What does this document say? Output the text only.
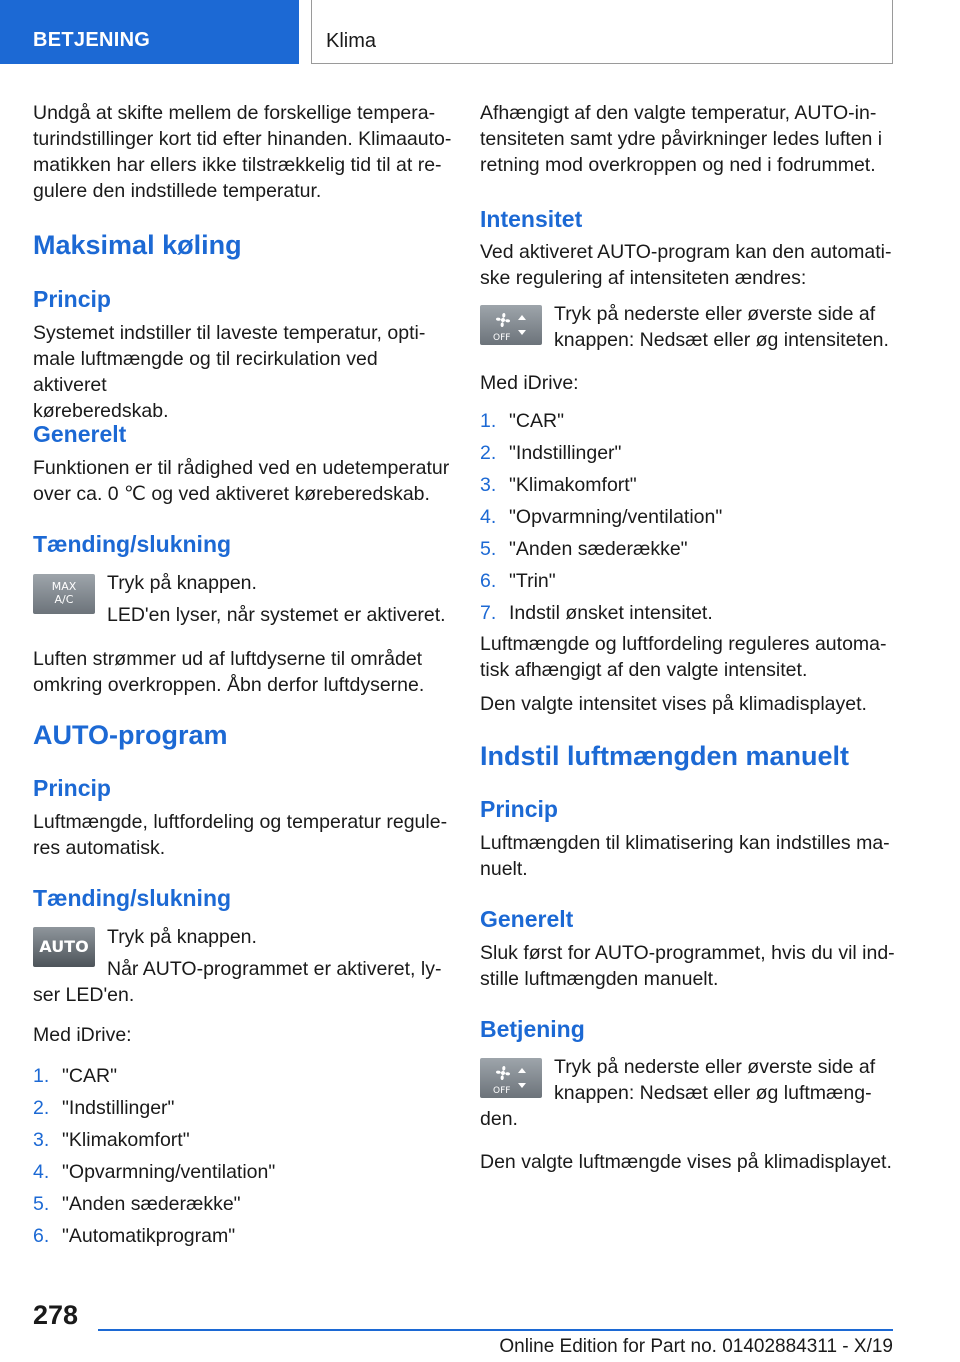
BETJENING	Klima

Undgå at skifte mellem de forskellige tempera-

turindstillinger kort tid efter hinanden. Klimaauto-

matikken har ellers ikke tilstrækkelig tid til at re-

gulere den indstillede temperatur.

Maksimal køling
Princip

Systemet indstiller til laveste temperatur, opti-

male luftmængde og til recirkulation ved aktiveret

kørеberedskab.

Generelt

Funktionen er til rådighed ved en udetemperatur

over ca. 0 ℃ og ved aktiveret køreberedskab.

Tænding/slukning
MAX
A/C

Tryk på knappen.

LED'en lyser, når systemet er aktiveret.

Luften strømmer ud af luftdyserne til området

omkring overkroppen. Åbn derfor luftdyserne.

AUTO-program
Princip

Luftmængde, luftfordeling og temperatur regule-

res automatisk.

Tænding/slukning
AUTO Tryk på knappen.

Når AUTO-programmet er aktiveret, ly-

ser LED'en.

Med iDrive:

1. "CAR"
2. "Indstillinger"
3. "Klimakomfort"
4. "Opvarmning/ventilation"
5. "Anden sæderække"
6. "Automatikprogram"

Afhængigt af den valgte temperatur, AUTO-in-

tensiteten samt ydre påvirkninger ledes luften i

retning mod overkroppen og ned i fodrummet.

Intensitet

Ved aktiveret AUTO-program kan den automati-

ske regulering af intensiteten ændres:

OFF

Tryk på nederste eller øverste side af

knappen: Nedsæt eller øg intensiteten.

Med iDrive:

1. "CAR"
2. "Indstillinger"
3. "Klimakomfort"
4. "Opvarmning/ventilation"
5. "Anden sæderække"
6. "Trin"
7. Indstil ønsket intensitet.

Luftmængde og luftfordeling reguleres automa-

tisk afhængigt af den valgte intensitet.

Den valgte intensitet vises på klimadisplayet.

Indstil luftmængden manuelt
Princip

Luftmængden til klimatisering kan indstilles ma-

nuelt.

Generelt

Sluk først for AUTO-programmet, hvis du vil ind-

stille luftmængden manuelt.

Betjening
OFF

Tryk på nederste eller øverste side af

knappen: Nedsæt eller øg luftmæng-

den.

Den valgte luftmængde vises på klimadisplayet.

278
Online Edition for Part no. 01402884311 - X/19
